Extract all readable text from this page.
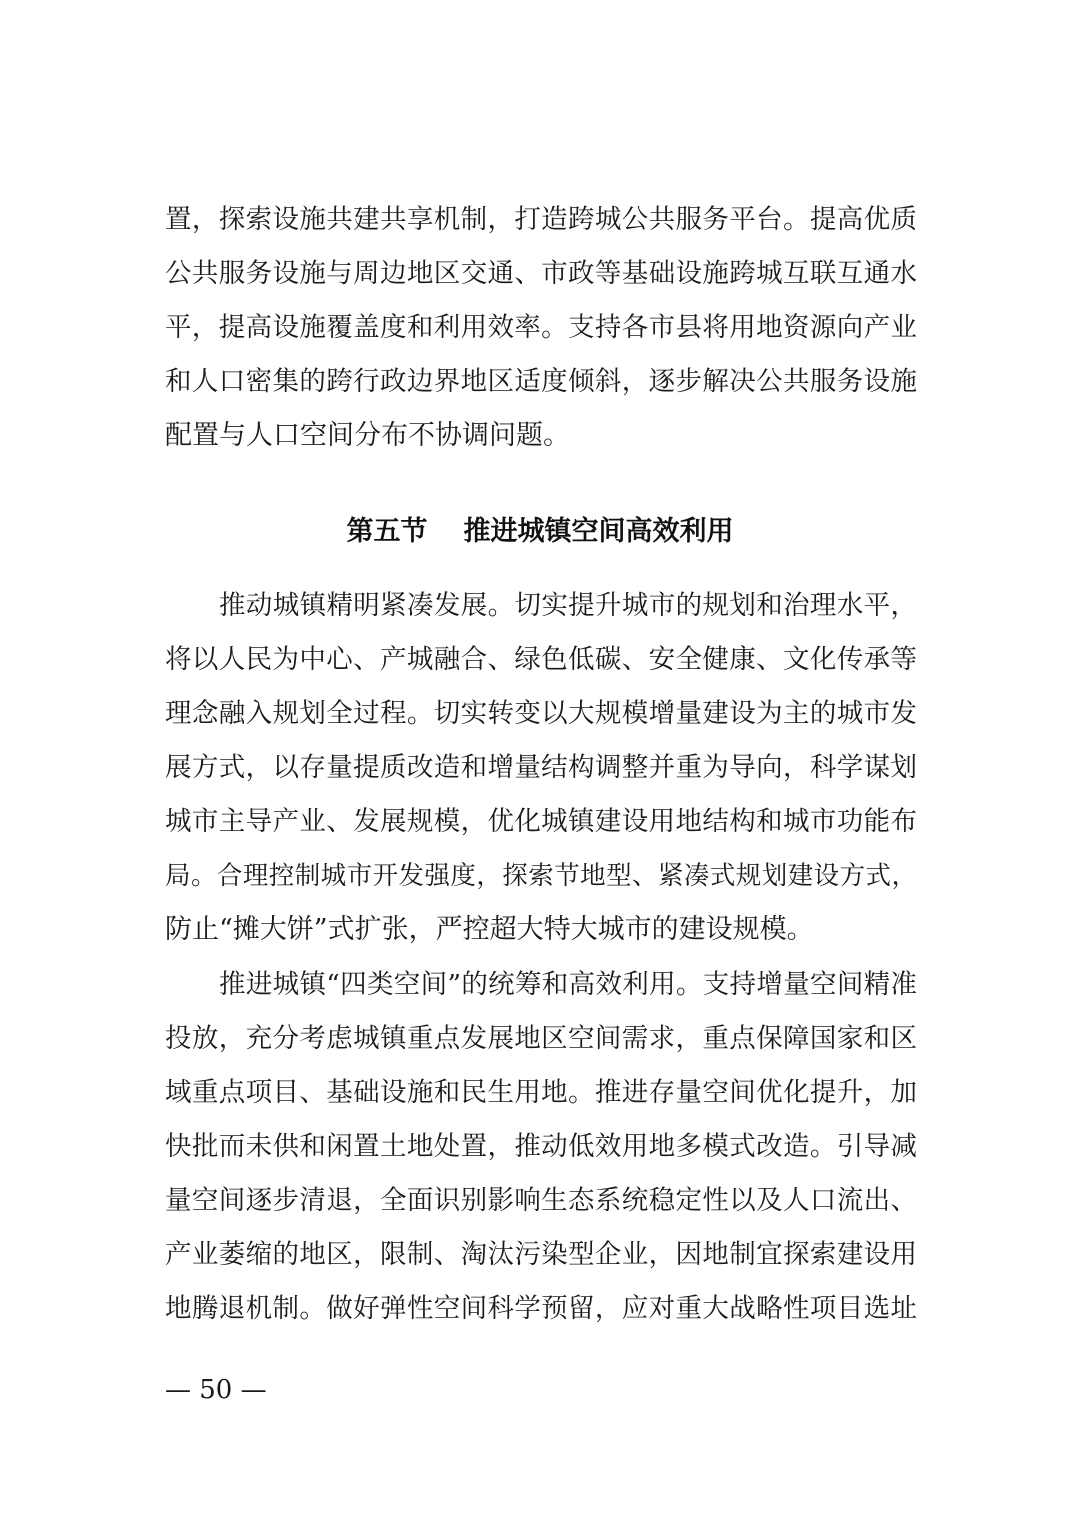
置，探索设施共建共享机制，打造跨城公共服务平台。提高优质
公共服务设施与周边地区交通、市政等基础设施跨城互联互通水
平，提高设施覆盖度和利用效率。支持各市县将用地资源向产业
和人口密集的跨行政边界地区适度倾斜，逐步解决公共服务设施
配置与人口空间分布不协调问题。
第五节 推进城镇空间高效利用
推动城镇精明紧凑发展。切实提升城市的规划和治理水平，
将以人民为中心、产城融合、绿色低碳、安全健康、文化传承等
理念融入规划全过程。切实转变以大规模增量建设为主的城市发
展方式，以存量提质改造和增量结构调整并重为导向，科学谋划
城市主导产业、发展规模，优化城镇建设用地结构和城市功能布
局。合理控制城市开发强度，探索节地型、紧凑式规划建设方式，
防止“摊大饼”式扩张，严控超大特大城市的建设规模。
推进城镇“四类空间”的统筹和高效利用。支持增量空间精准
投放，充分考虑城镇重点发展地区空间需求，重点保障国家和区
域重点项目、基础设施和民生用地。推进存量空间优化提升，加
快批而未供和闲置土地处置，推动低效用地多模式改造。引导减
量空间逐步清退，全面识别影响生态系统稳定性以及人口流出、
产业萎缩的地区，限制、淘汰污染型企业，因地制宜探索建设用
地腾退机制。做好弹性空间科学预留，应对重大战略性项目选址
— 50 —
